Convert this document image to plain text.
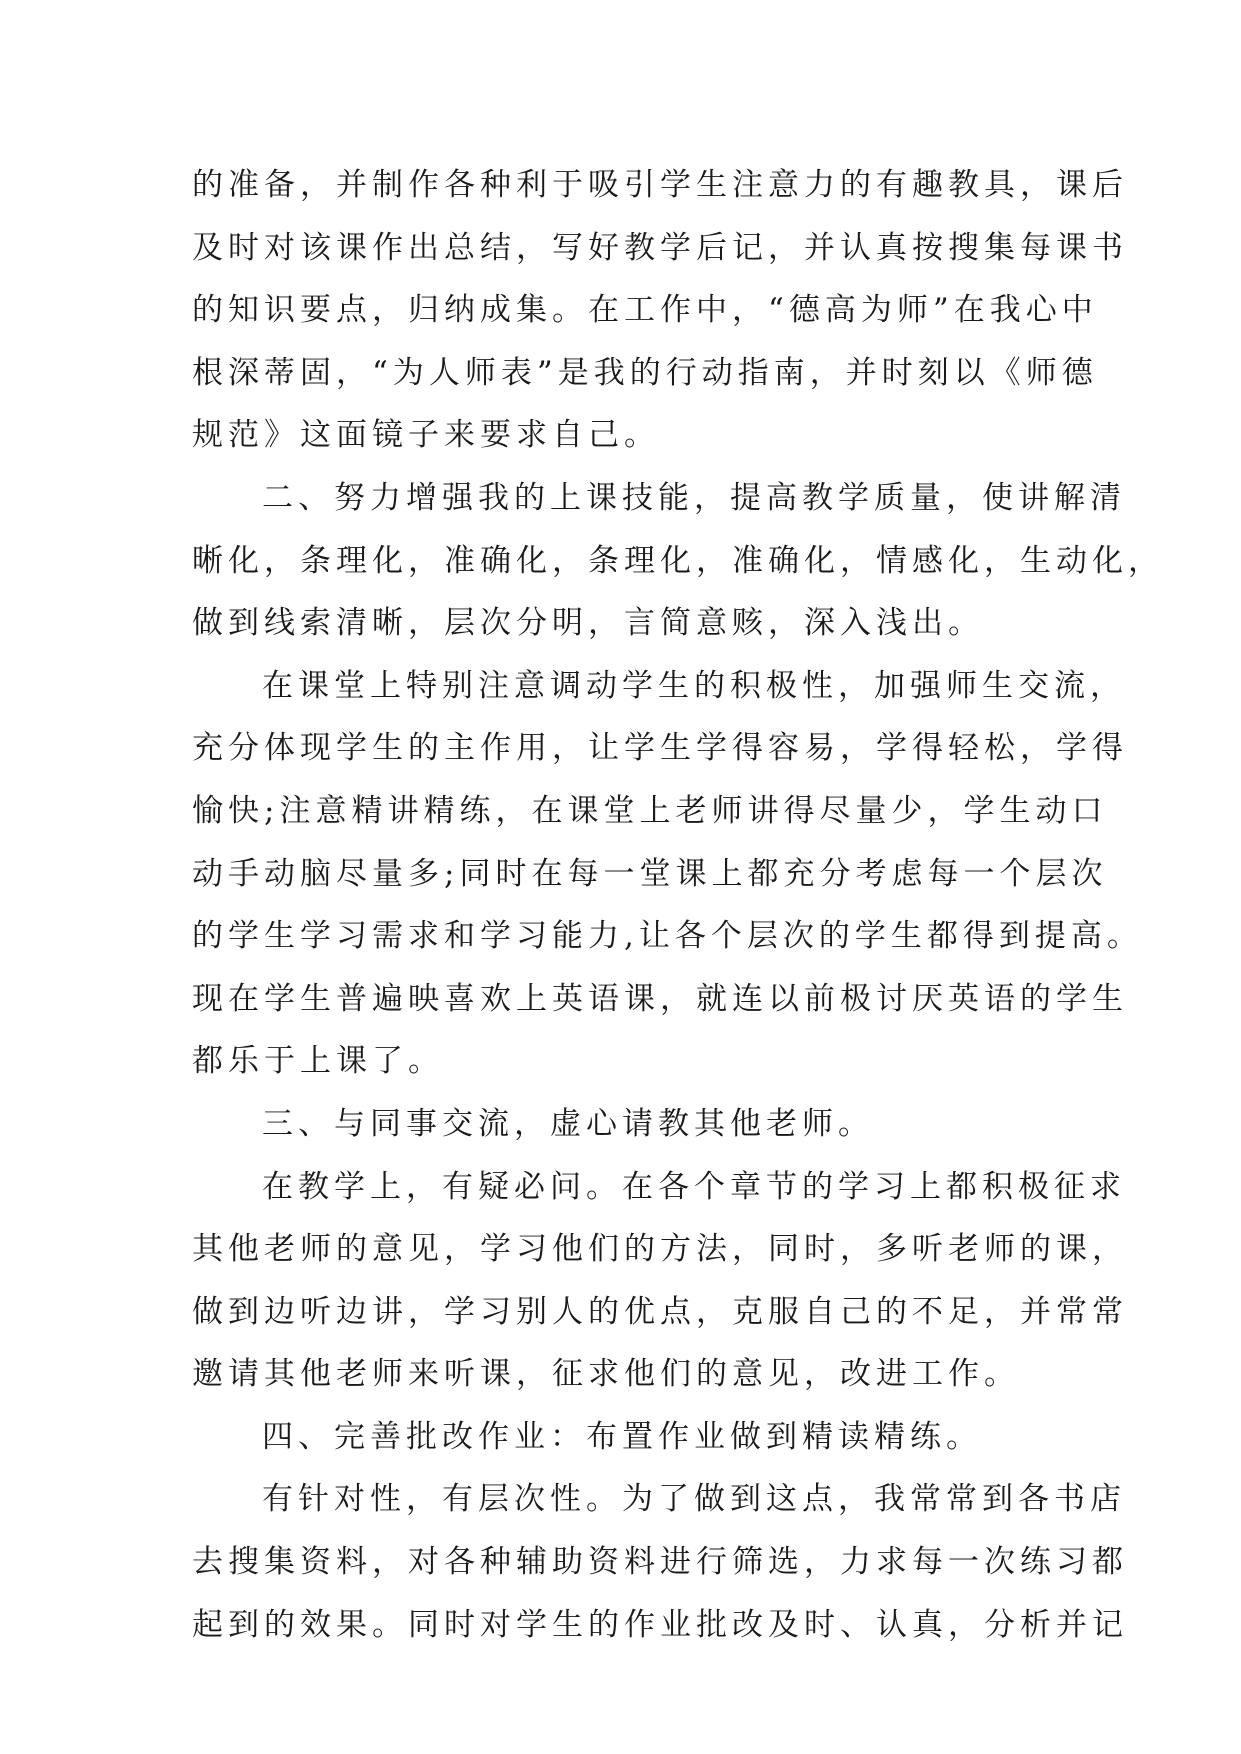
的准备，并制作各种利于吸引学生注意力的有趣教具，课后
及时对该课作出总结，写好教学后记，并认真按搜集每课书
的知识要点，归纳成集。在工作中，“德高为师”在我心中
根深蒂固，“为人师表”是我的行动指南，并时刻以《师德
规范》这面镜子来要求自己。
二、努力增强我的上课技能，提高教学质量，使讲解清
晰化，条理化，准确化，条理化，准确化，情感化，生动化，
做到线索清晰，层次分明，言简意赅，深入浅出。
在课堂上特别注意调动学生的积极性，加强师生交流，
充分体现学生的主作用，让学生学得容易，学得轻松，学得
愉快;注意精讲精练，在课堂上老师讲得尽量少，学生动口
动手动脑尽量多;同时在每一堂课上都充分考虑每一个层次
的学生学习需求和学习能力,让各个层次的学生都得到提高。
现在学生普遍映喜欢上英语课，就连以前极讨厌英语的学生
都乐于上课了。
三、与同事交流，虚心请教其他老师。
在教学上，有疑必问。在各个章节的学习上都积极征求
其他老师的意见，学习他们的方法，同时，多听老师的课，
做到边听边讲，学习别人的优点，克服自己的不足，并常常
邀请其他老师来听课，征求他们的意见，改进工作。
四、完善批改作业：布置作业做到精读精练。
有针对性，有层次性。为了做到这点，我常常到各书店
去搜集资料，对各种辅助资料进行筛选，力求每一次练习都
起到的效果。同时对学生的作业批改及时、认真，分析并记
